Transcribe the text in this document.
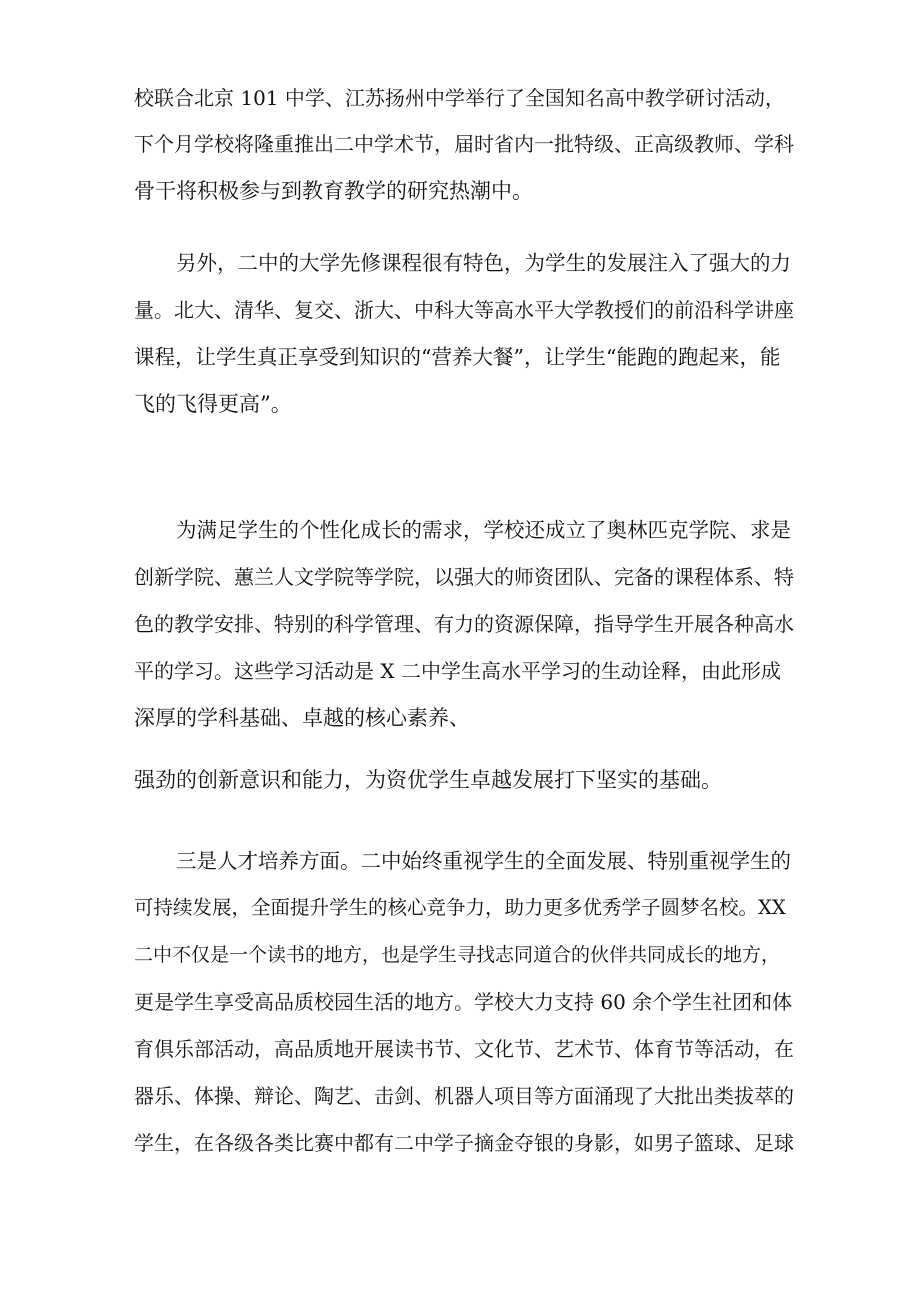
校联合北京 101 中学、江苏扬州中学举行了全国知名高中教学研讨活动，
下个月学校将隆重推出二中学术节，届时省内一批特级、正高级教师、学科
骨干将积极参与到教育教学的研究热潮中。
另外，二中的大学先修课程很有特色，为学生的发展注入了强大的力
量。北大、清华、复交、浙大、中科大等高水平大学教授们的前沿科学讲座
课程，让学生真正享受到知识的“营养大餐”，让学生“能跑的跑起来，能
飞的飞得更高”。
为满足学生的个性化成长的需求，学校还成立了奥林匹克学院、求是
创新学院、蕙兰人文学院等学院，以强大的师资团队、完备的课程体系、特
色的教学安排、特别的科学管理、有力的资源保障，指导学生开展各种高水
平的学习。这些学习活动是 X 二中学生高水平学习的生动诠释，由此形成
深厚的学科基础、卓越的核心素养、
强劲的创新意识和能力，为资优学生卓越发展打下坚实的基础。
三是人才培养方面。二中始终重视学生的全面发展、特别重视学生的
可持续发展，全面提升学生的核心竞争力，助力更多优秀学子圆梦名校。XX
二中不仅是一个读书的地方，也是学生寻找志同道合的伙伴共同成长的地方，
更是学生享受高品质校园生活的地方。学校大力支持 60 余个学生社团和体
育俱乐部活动，高品质地开展读书节、文化节、艺术节、体育节等活动，在
器乐、体操、辩论、陶艺、击剑、机器人项目等方面涌现了大批出类拔萃的
学生，在各级各类比赛中都有二中学子摘金夺银的身影，如男子篮球、足球
